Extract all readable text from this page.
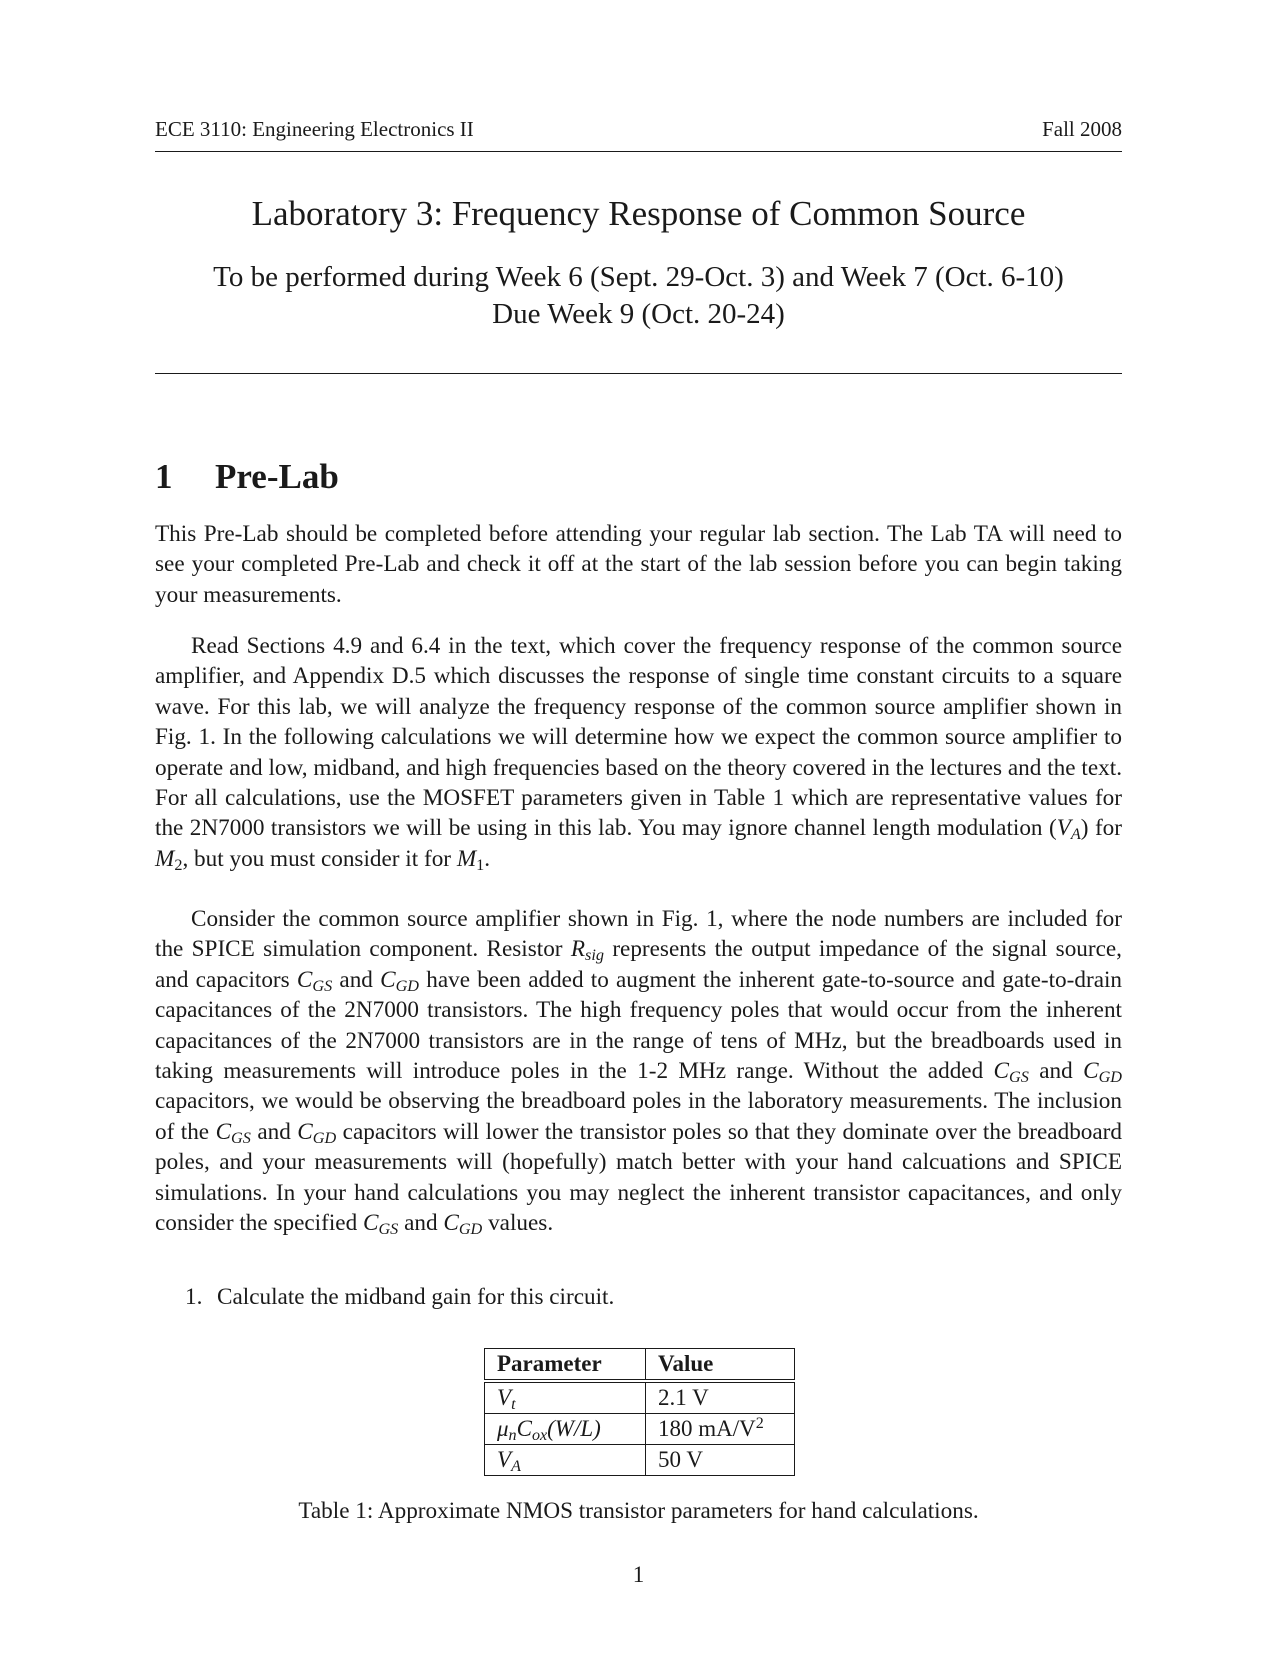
ECE 3110: Engineering Electronics II	Fall 2008
Laboratory 3: Frequency Response of Common Source
To be performed during Week 6 (Sept. 29-Oct. 3) and Week 7 (Oct. 6-10)
Due Week 9 (Oct. 20-24)
1	Pre-Lab
This Pre-Lab should be completed before attending your regular lab section. The Lab TA will need to see your completed Pre-Lab and check it off at the start of the lab session before you can begin taking your measurements.
Read Sections 4.9 and 6.4 in the text, which cover the frequency response of the common source amplifier, and Appendix D.5 which discusses the response of single time constant circuits to a square wave. For this lab, we will analyze the frequency response of the common source amplifier shown in Fig. 1. In the following calculations we will determine how we expect the common source amplifier to operate and low, midband, and high frequencies based on the theory covered in the lectures and the text. For all calculations, use the MOSFET parameters given in Table 1 which are representative values for the 2N7000 transistors we will be using in this lab. You may ignore channel length modulation $(V_A)$ for $M_2$, but you must consider it for $M_1$.
Consider the common source amplifier shown in Fig. 1, where the node numbers are included for the SPICE simulation component. Resistor $R_{sig}$ represents the output impedance of the signal source, and capacitors $C_{GS}$ and $C_{GD}$ have been added to augment the inherent gate-to-source and gate-to-drain capacitances of the 2N7000 transistors. The high frequency poles that would occur from the inherent capacitances of the 2N7000 transistors are in the range of tens of MHz, but the breadboards used in taking measurements will introduce poles in the 1-2 MHz range. Without the added $C_{GS}$ and $C_{GD}$ capacitors, we would be observing the breadboard poles in the laboratory measurements. The inclusion of the $C_{GS}$ and $C_{GD}$ capacitors will lower the transistor poles so that they dominate over the breadboard poles, and your measurements will (hopefully) match better with your hand calcuations and SPICE simulations. In your hand calculations you may neglect the inherent transistor capacitances, and only consider the specified $C_{GS}$ and $C_{GD}$ values.
1. Calculate the midband gain for this circuit.
Parameter	Value
$V_t$	2.1 V
$\mu_nC_{ox}(W/L)$	180 $mA/V^2$
$V_A$	50 V
Table 1: Approximate NMOS transistor parameters for hand calculations.
1
